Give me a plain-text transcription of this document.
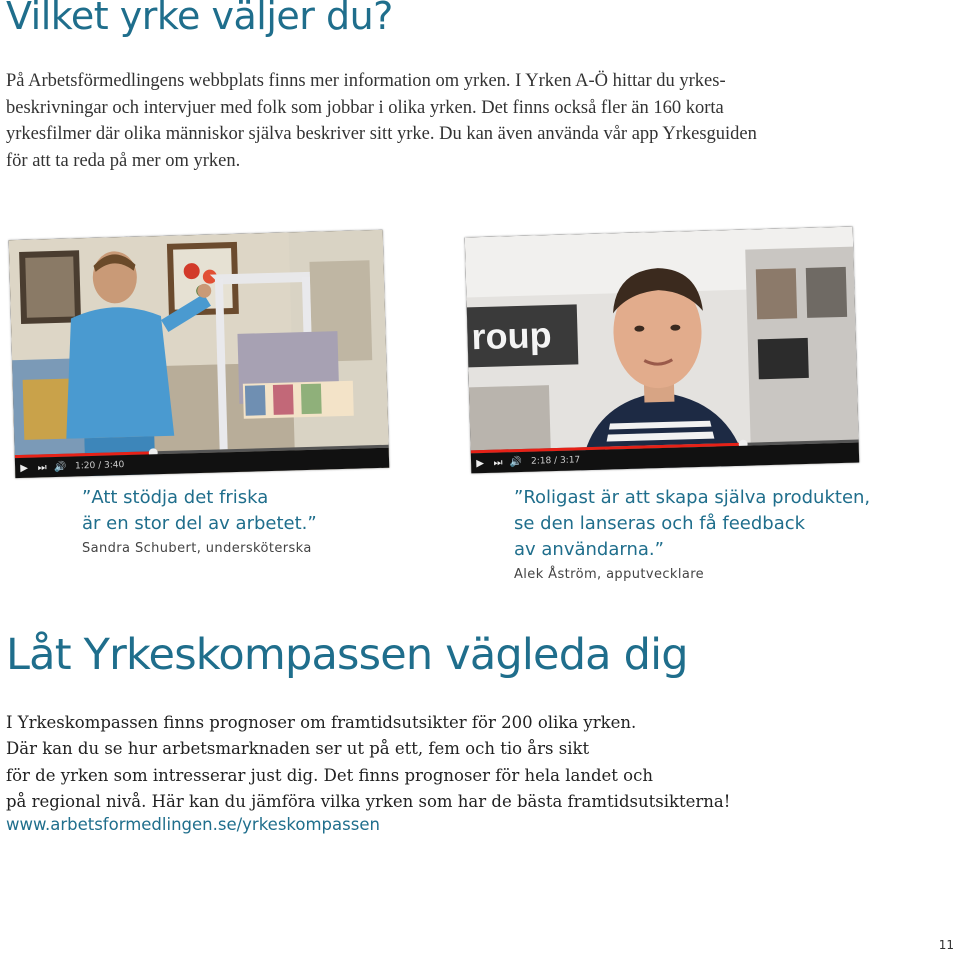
Vilket yrke väljer du?

På Arbetsförmedlingens webbplats finns mer information om yrken. I Yrken A-Ö hittar du yrkes-
beskrivningar och intervjuer med folk som jobbar i olika yrken. Det finns också fler än 160 korta
yrkesfilmer där olika människor själva beskriver sitt yrke. Du kan även använda vår app Yrkesguiden
för att ta reda på mer om yrken.

▶ ⏭ 🔊 1:20 / 3:40
roup
▶ ⏭ 🔊 2:18 / 3:17

”Att stödja det friska
är en stor del av arbetet.”

Sandra Schubert, undersköterska

”Roligast är att skapa själva produkten,
se den lanseras och få feedback
av användarna.”

Alek Åström, apputvecklare

Låt Yrkeskompassen vägleda dig

I Yrkeskompassen finns prognoser om framtidsutsikter för 200 olika yrken.
Där kan du se hur arbetsmarknaden ser ut på ett, fem och tio års sikt
för de yrken som intresserar just dig. Det finns prognoser för hela landet och
på regional nivå. Här kan du jämföra vilka yrken som har de bästa framtidsutsikterna!

www.arbetsformedlingen.se/yrkeskompassen

11
